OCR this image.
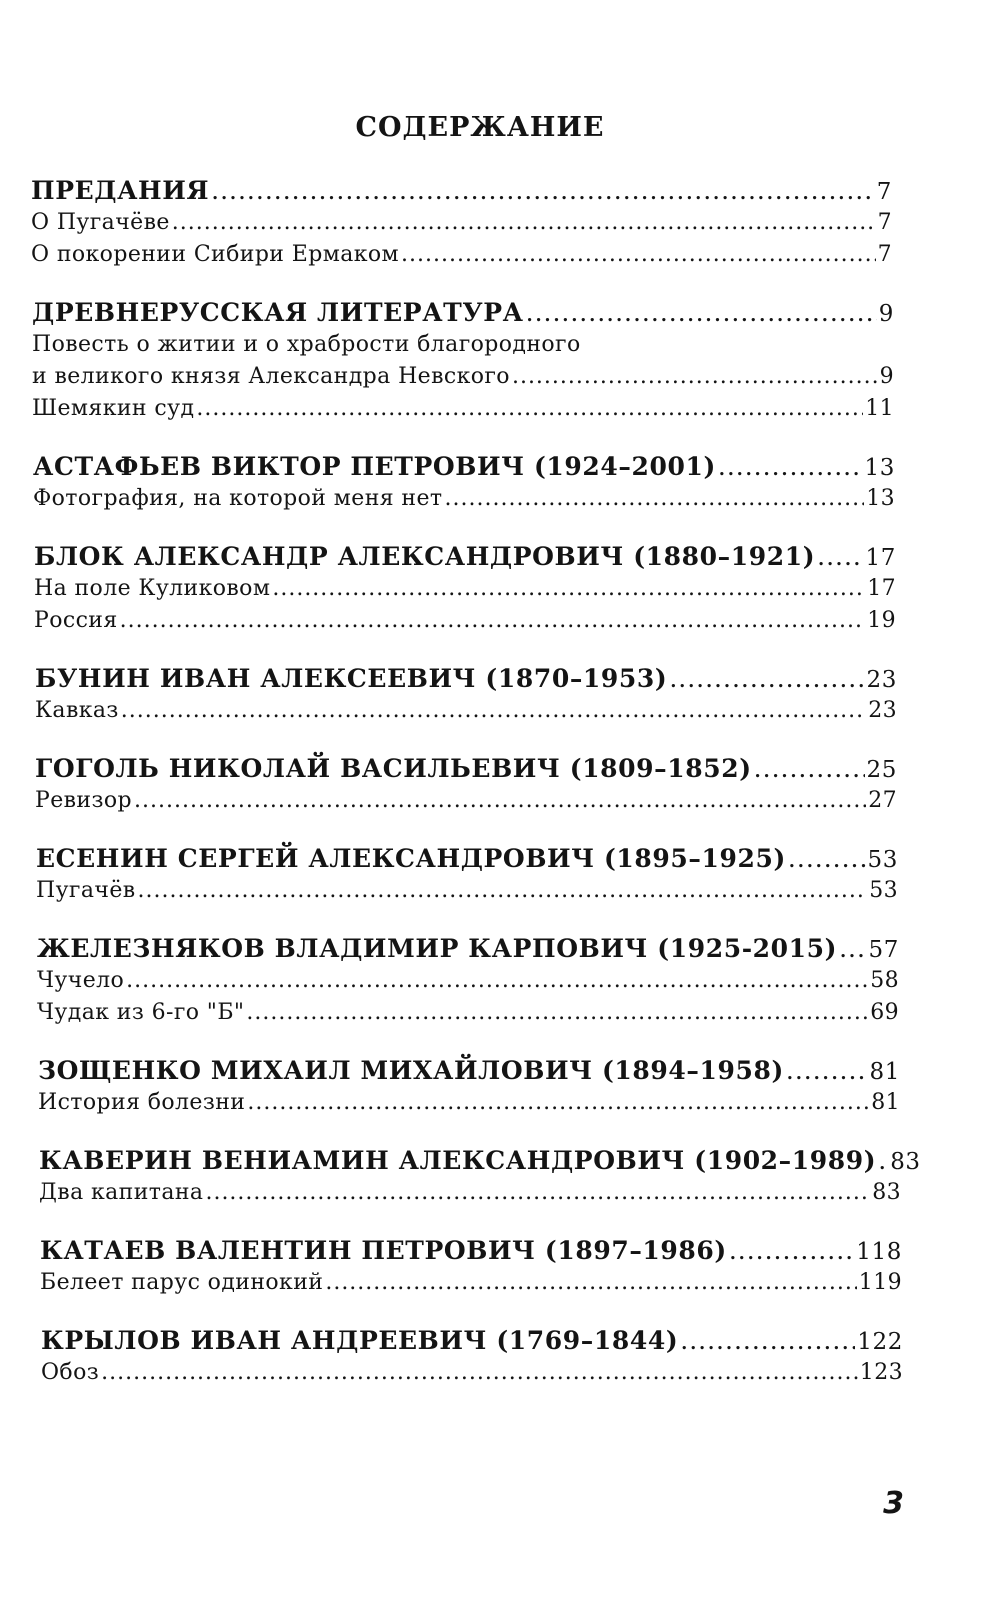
СОДЕРЖАНИЕ
ПРЕДАНИЯ .....	7
О Пугачёве .....	7
О покорении Сибири Ермаком .....	7
ДРЕВНЕРУССКАЯ ЛИТЕРАТУРА .....	9
Повесть о житии и о храбрости благородного
и великого князя Александра Невского .....	9
Шемякин суд .....	11
АСТАФЬЕВ ВИКТОР ПЕТРОВИЧ (1924–2001) .....	13
Фотография, на которой меня нет .....	13
БЛОК АЛЕКСАНДР АЛЕКСАНДРОВИЧ (1880–1921) ..... 17
На поле Куликовом .....	17
Россия .....	19
БУНИН ИВАН АЛЕКСЕЕВИЧ (1870–1953) .....	23
Кавказ .....	23
ГОГОЛЬ НИКОЛАЙ ВАСИЛЬЕВИЧ (1809–1852) .....	25
Ревизор .....	27
ЕСЕНИН СЕРГЕЙ АЛЕКСАНДРОВИЧ (1895–1925) .....	53
Пугачёв .....	53
ЖЕЛЕЗНЯКОВ ВЛАДИМИР КАРПОВИЧ (1925-2015) ..... 57
Чучело .....	58
Чудак из 6-го "Б" .....	69
ЗОЩЕНКО МИХАИЛ МИХАЙЛОВИЧ (1894–1958) .....	81
История болезни .....	81
КАВЕРИН ВЕНИАМИН АЛЕКСАНДРОВИЧ (1902–1989) ..... 83
Два капитана .....	83
КАТАЕВ ВАЛЕНТИН ПЕТРОВИЧ (1897–1986) .....	118
Белеет парус одинокий .....	119
КРЫЛОВ ИВАН АНДРЕЕВИЧ (1769–1844) .....	122
Обоз .....	123
3
